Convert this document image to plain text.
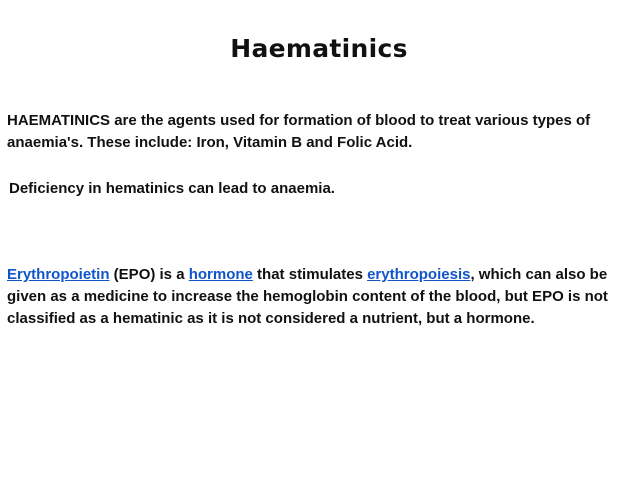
Haematinics

HAEMATINICS are the agents used for formation of blood to treat various types of anaemia's. These include: Iron, Vitamin B and Folic Acid.

Deficiency in hematinics can lead to anaemia.

Erythropoietin (EPO) is a hormone that stimulates erythropoiesis, which can also be given as a medicine to increase the hemoglobin content of the blood, but EPO is not classified as a hematinic as it is not considered a nutrient, but a hormone.
